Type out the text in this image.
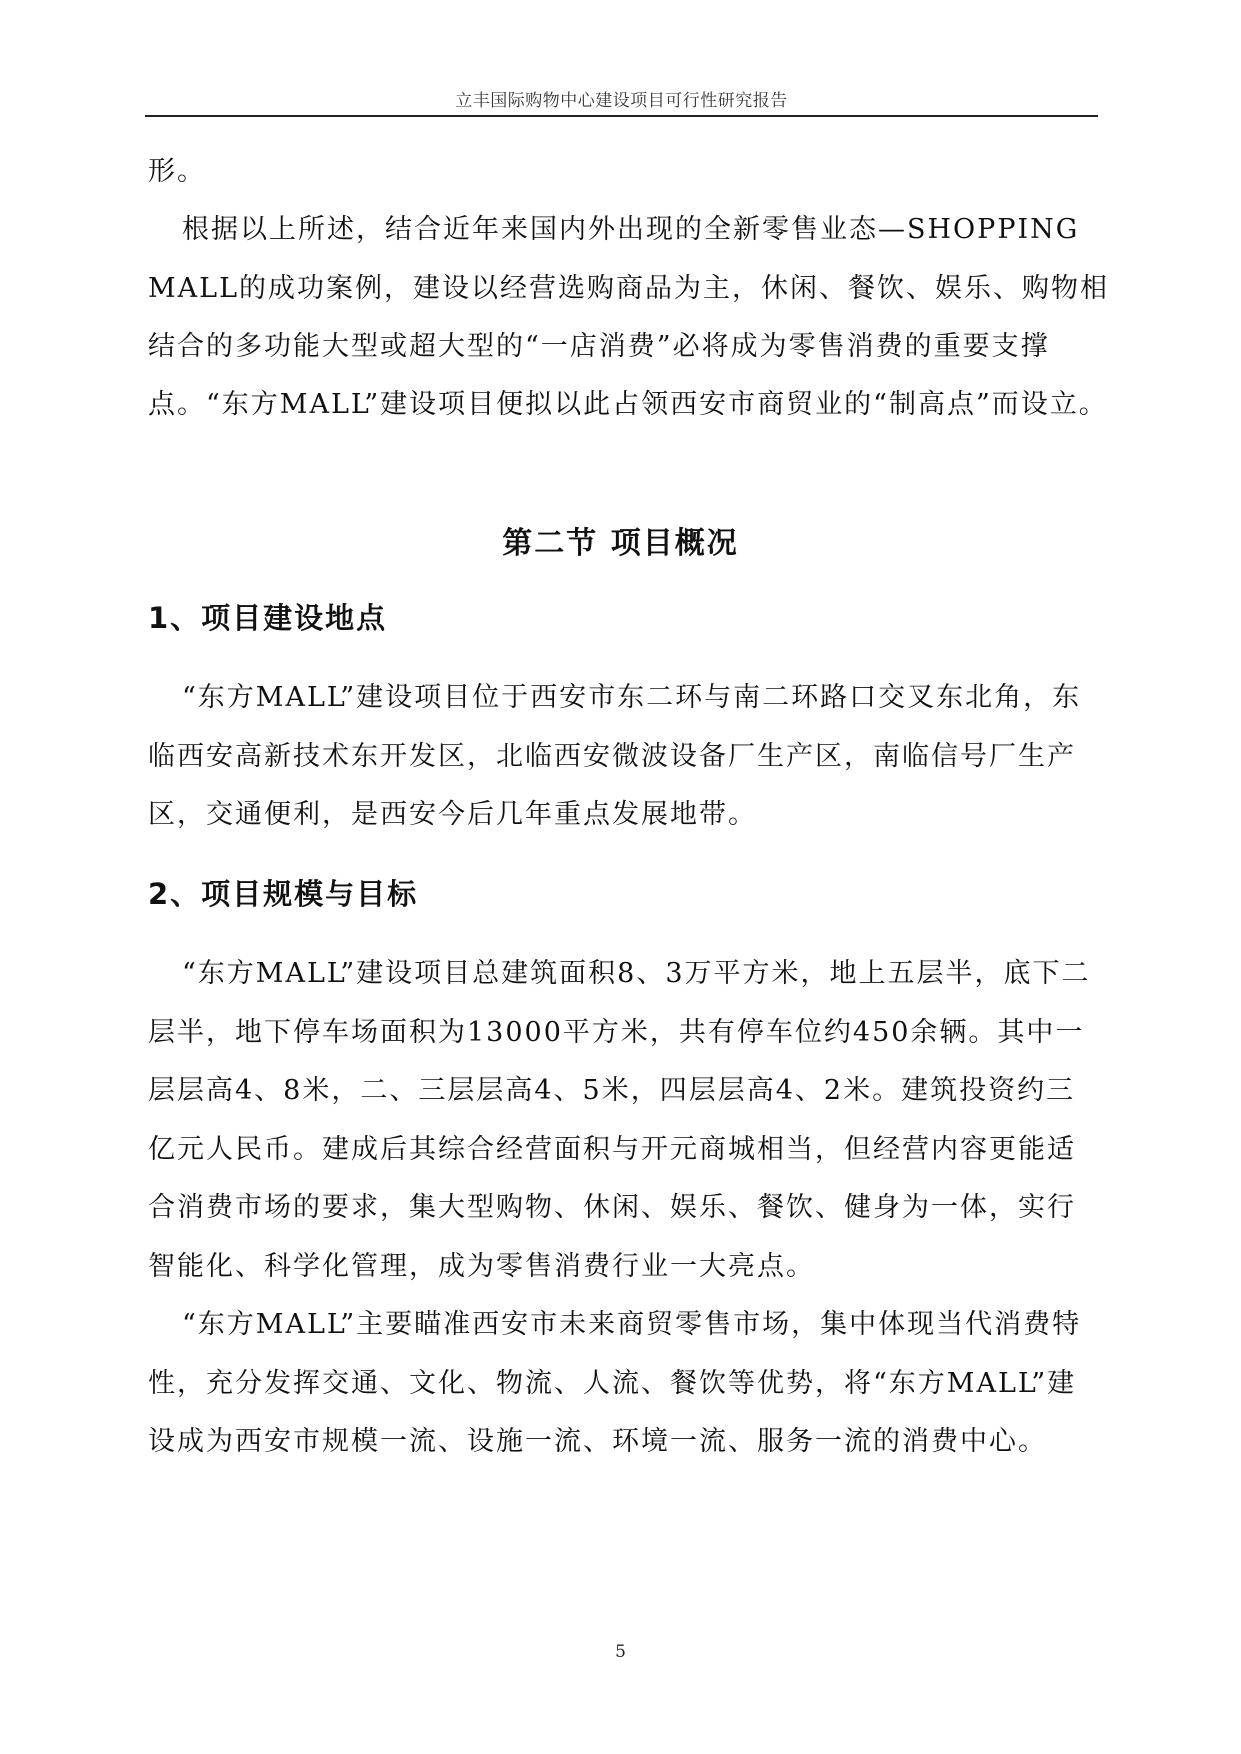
立丰国际购物中心建设项目可行性研究报告
形。
根据以上所述，结合近年来国内外出现的全新零售业态—SHOPPING
MALL的成功案例，建设以经营选购商品为主，休闲、餐饮、娱乐、购物相
结合的多功能大型或超大型的“一店消费”必将成为零售消费的重要支撑
点。“东方MALL”建设项目便拟以此占领西安市商贸业的“制高点”而设立。
第二节 项目概况
1、项目建设地点
“东方MALL”建设项目位于西安市东二环与南二环路口交叉东北角，东
临西安高新技术东开发区，北临西安微波设备厂生产区，南临信号厂生产
区，交通便利，是西安今后几年重点发展地带。
2、项目规模与目标
“东方MALL”建设项目总建筑面积8、3万平方米，地上五层半，底下二
层半，地下停车场面积为13000平方米，共有停车位约450余辆。其中一
层层高4、8米，二、三层层高4、5米，四层层高4、2米。建筑投资约三
亿元人民币。建成后其综合经营面积与开元商城相当，但经营内容更能适
合消费市场的要求，集大型购物、休闲、娱乐、餐饮、健身为一体，实行
智能化、科学化管理，成为零售消费行业一大亮点。
“东方MALL”主要瞄准西安市未来商贸零售市场，集中体现当代消费特
性，充分发挥交通、文化、物流、人流、餐饮等优势，将“东方MALL”建
设成为西安市规模一流、设施一流、环境一流、服务一流的消费中心。
5
